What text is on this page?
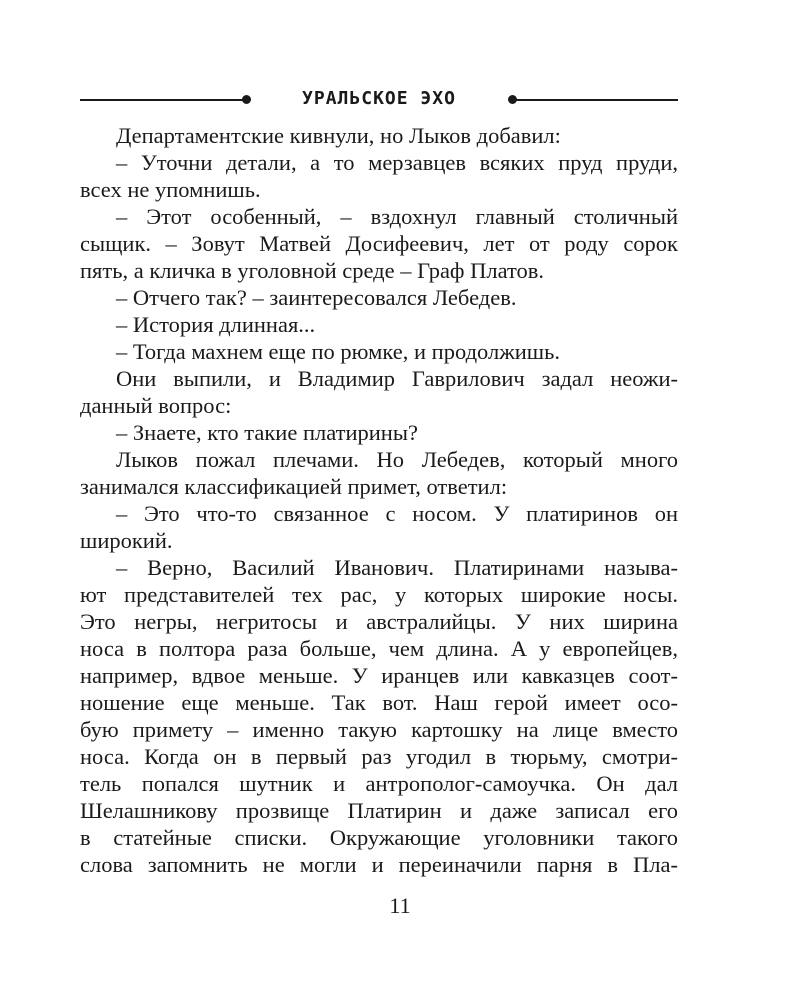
УРАЛЬСКОЕ ЭХО
Департаментские кивнули, но Лыков добавил:
– Уточни детали, а то мерзавцев всяких пруд пруди,
всех не упомнишь.
– Этот особенный, – вздохнул главный столичный
сыщик. – Зовут Матвей Досифеевич, лет от роду сорок
пять, а кличка в уголовной среде – Граф Платов.
– Отчего так? – заинтересовался Лебедев.
– История длинная...
– Тогда махнем еще по рюмке, и продолжишь.
Они выпили, и Владимир Гаврилович задал неожи-
данный вопрос:
– Знаете, кто такие платирины?
Лыков пожал плечами. Но Лебедев, который много
занимался классификацией примет, ответил:
– Это что-то связанное с носом. У платиринов он
широкий.
– Верно, Василий Иванович. Платиринами называ-
ют представителей тех рас, у которых широкие носы.
Это негры, негритосы и австралийцы. У них ширина
носа в полтора раза больше, чем длина. А у европейцев,
например, вдвое меньше. У иранцев или кавказцев соот-
ношение еще меньше. Так вот. Наш герой имеет осо-
бую примету – именно такую картошку на лице вместо
носа. Когда он в первый раз угодил в тюрьму, смотри-
тель попался шутник и антрополог-самоучка. Он дал
Шелашникову прозвище Платирин и даже записал его
в статейные списки. Окружающие уголовники такого
слова запомнить не могли и переиначили парня в Пла-
11
